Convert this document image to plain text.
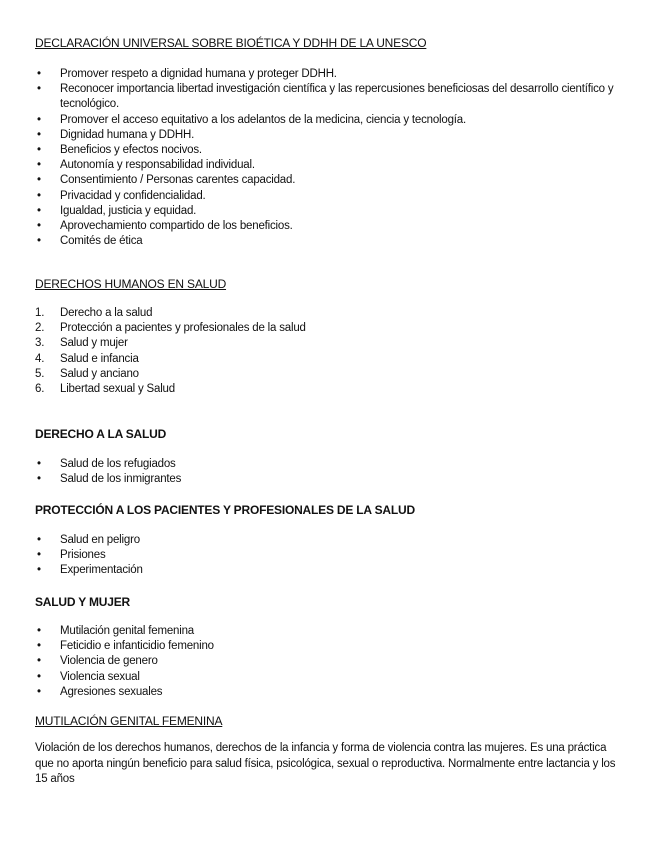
DECLARACIÓN UNIVERSAL SOBRE BIOÉTICA Y DDHH DE LA UNESCO
• Promover respeto a dignidad humana y proteger DDHH.
• Reconocer importancia libertad investigación científica y las repercusiones beneficiosas del desarrollo científico y tecnológico.
• Promover el acceso equitativo a los adelantos de la medicina, ciencia y tecnología.
• Dignidad humana y DDHH.
• Beneficios y efectos nocivos.
• Autonomía y responsabilidad individual.
• Consentimiento / Personas carentes capacidad.
• Privacidad y confidencialidad.
• Igualdad, justicia y equidad.
• Aprovechamiento compartido de los beneficios.
• Comités de ética
DERECHOS HUMANOS EN SALUD
1. Derecho a la salud
2. Protección a pacientes y profesionales de la salud
3. Salud y mujer
4. Salud e infancia
5. Salud y anciano
6. Libertad sexual y Salud
DERECHO A LA SALUD
• Salud de los refugiados
• Salud de los inmigrantes
PROTECCIÓN A LOS PACIENTES Y PROFESIONALES DE LA SALUD
• Salud en peligro
• Prisiones
• Experimentación
SALUD Y MUJER
• Mutilación genital femenina
• Feticidio e infanticidio femenino
• Violencia de genero
• Violencia sexual
• Agresiones sexuales
MUTILACIÓN GENITAL FEMENINA

Violación de los derechos humanos, derechos de la infancia y forma de violencia contra las mujeres. Es una práctica que no aporta ningún beneficio para salud física, psicológica, sexual o reproductiva. Normalmente entre lactancia y los 15 años
